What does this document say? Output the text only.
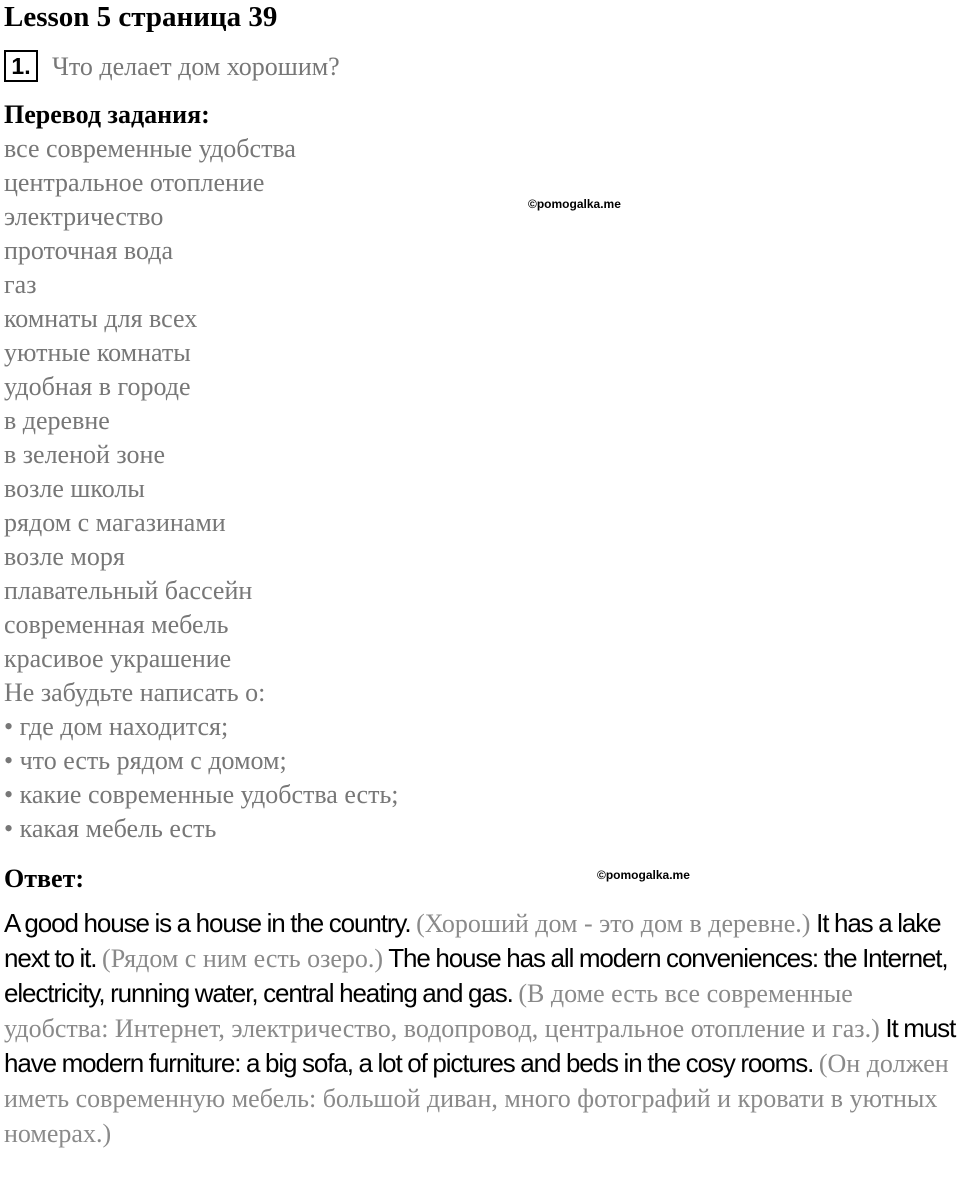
Lesson 5 страница 39
1. Что делает дом хорошим?
Перевод задания:
все современные удобства
центральное отопление
электричество
проточная вода
газ
комнаты для всех
уютные комнаты
удобная в городе
в деревне
в зеленой зоне
возле школы
рядом с магазинами
возле моря
плавательный бассейн
современная мебель
красивое украшение
Не забудьте написать о:
• где дом находится;
• что есть рядом с домом;
• какие современные удобства есть;
• какая мебель есть
©pomogalka.me
Ответ:	©pomogalka.me
A good house is a house in the country. (Хороший дом - это дом в деревне.) It has a lake next to it. (Рядом с ним есть озеро.) The house has all modern conveniences: the Internet, electricity, running water, central heating and gas. (В доме есть все современные удобства: Интернет, электричество, водопровод, центральное отопление и газ.) It must have modern furniture: a big sofa, a lot of pictures and beds in the cosy rooms. (Он должен иметь современную мебель: большой диван, много фотографий и кровати в уютных номерах.)
